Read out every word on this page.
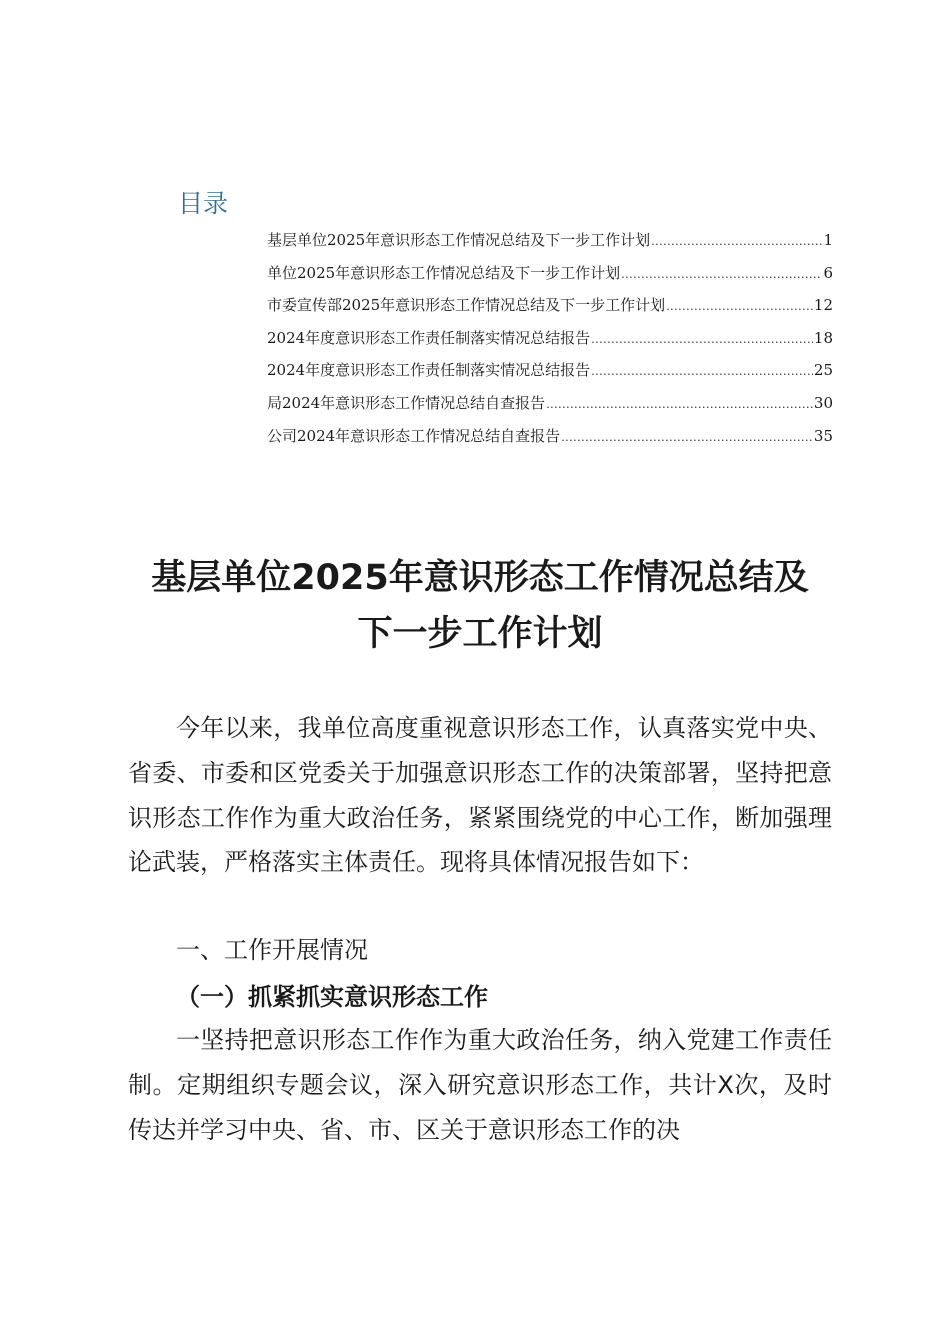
目录
基层单位2025年意识形态工作情况总结及下一步工作计划 .....	1
单位2025年意识形态工作情况总结及下一步工作计划 .....	6
市委宣传部2025年意识形态工作情况总结及下一步工作计划 .....	12
2024年度意识形态工作责任制落实情况总结报告 .....	18
2024年度意识形态工作责任制落实情况总结报告 .....	25
局2024年意识形态工作情况总结自查报告 .....	30
公司2024年意识形态工作情况总结自查报告 .....	35
基层单位2025年意识形态工作情况总结及
下一步工作计划

今年以来，我单位高度重视意识形态工作，认真落实党中央、省委、市委和区党委关于加强意识形态工作的决策部署，坚持把意识形态工作作为重大政治任务，紧紧围绕党的中心工作，断加强理论武装，严格落实主体责任。现将具体情况报告如下：

一、工作开展情况

（一）抓紧抓实意识形态工作

一坚持把意识形态工作作为重大政治任务，纳入党建工作责任制。定期组织专题会议，深入研究意识形态工作，共计X次，及时传达并学习中央、省、市、区关于意识形态工作的决
